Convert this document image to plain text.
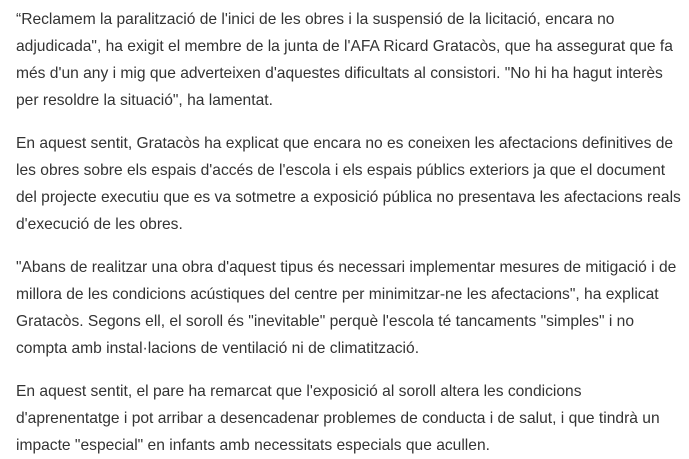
“Reclamem la paralització de l'inici de les obres i la suspensió de la licitació, encara no adjudicada", ha exigit el membre de la junta de l'AFA Ricard Gratacòs, que ha assegurat que fa més d'un any i mig que adverteixen d'aquestes dificultats al consistori. "No hi ha hagut interès per resoldre la situació", ha lamentat.

En aquest sentit, Gratacòs ha explicat que encara no es coneixen les afectacions definitives de les obres sobre els espais d'accés de l'escola i els espais públics exteriors ja que el document del projecte executiu que es va sotmetre a exposició pública no presentava les afectacions reals d'execució de les obres.

"Abans de realitzar una obra d'aquest tipus és necessari implementar mesures de mitigació i de millora de les condicions acústiques del centre per minimitzar-ne les afectacions", ha explicat Gratacòs. Segons ell, el soroll és "inevitable" perquè l'escola té tancaments "simples" i no compta amb instal·lacions de ventilació ni de climatització.

En aquest sentit, el pare ha remarcat que l'exposició al soroll altera les condicions d'aprenentatge i pot arribar a desencadenar problemes de conducta i de salut, i que tindrà un impacte "especial" en infants amb necessitats especials que acullen.
